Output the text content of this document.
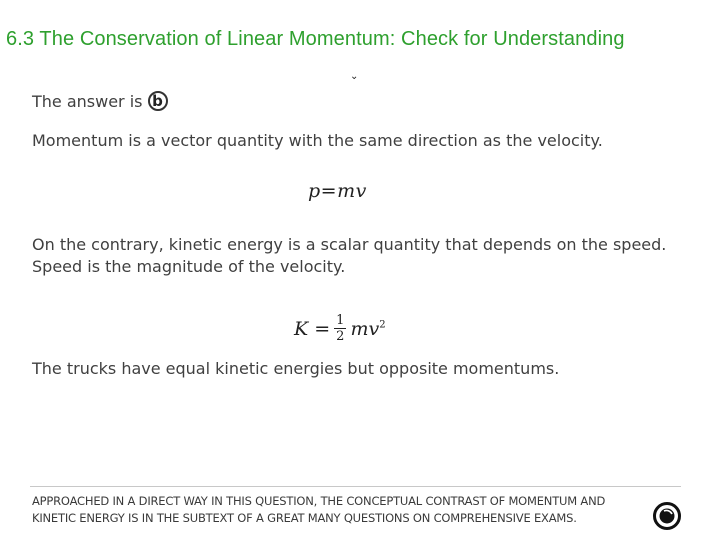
6.3 The Conservation of Linear Momentum: Check for Understanding
⌄
The answer is b
Momentum is a vector quantity with the same direction as the velocity.
p=mv
On the contrary, kinetic energy is a scalar quantity that depends on the speed. Speed is the magnitude of the velocity.
$K = \frac{1}{2} mv^2$
The trucks have equal kinetic energies but opposite momentums.
APPROACHED IN A DIRECT WAY IN THIS QUESTION, THE CONCEPTUAL CONTRAST OF MOMENTUM AND KINETIC ENERGY IS IN THE SUBTEXT OF A GREAT MANY QUESTIONS ON COMPREHENSIVE EXAMS.
